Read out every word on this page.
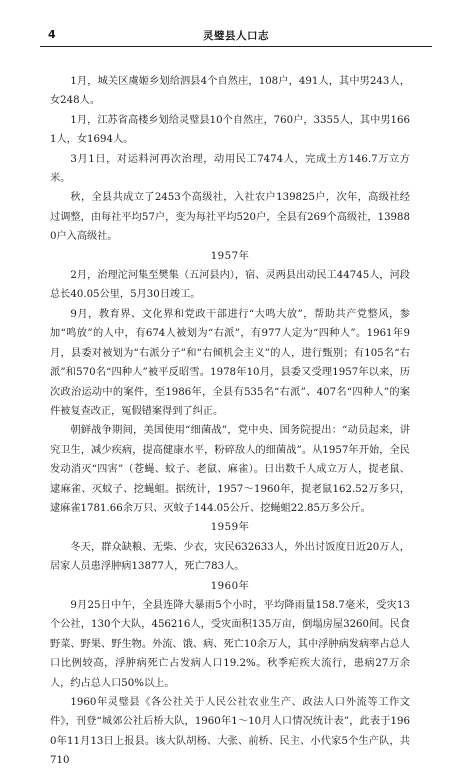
4	灵璧县人口志

1月，城关区虞姬乡划给泗县4个自然庄，108户，491人，其中男243人，女248人。

1月，江苏省高楼乡划给灵璧县10个自然庄，760户，3355人，其中男1661人，女1694人。

3月1日，对运料河再次治理，动用民工7474人，完成土方146.7万立方米。

秋，全县共成立了2453个高级社，入社农户139825户，次年，高级社经过调整，由每社平均57户，变为每社平均520户，全县有269个高级社，139880户入高级社。

1957年

2月，治理沱河集至樊集（五河县内），宿、灵两县出动民工44745人，河段总长40.05公里，5月30日竣工。

9月，教育界、文化界和党政干部进行“大鸣大放”，帮助共产党整风，参加“鸣放”的人中，有674人被划为“右派”，有977人定为“四种人”。1961年9月，县委对被划为“右派分子”和“右倾机会主义”的人，进行甄别；有105名“右派”和570名“四种人”被平反昭雪。1978年10月，县委又受理1957年以来，历次政治运动中的案件，至1986年，全县有535名“右派”、407名“四种人”的案件被复查改正，冤假错案得到了纠正。

朝鲜战争期间，美国使用“细菌战”，党中央、国务院提出：“动员起来，讲究卫生，减少疾病，提高健康水平，粉碎敌人的细菌战”。从1957年开始，全民发动消灭“四害”（苍蝇、蚊子、老鼠、麻雀）。日出数千人成立万人，捉老鼠、逮麻雀、灭蚊子、挖蝇蛆。据统计，1957～1960年，捉老鼠162.52万多只，逮麻雀1781.66余万只、灭蚊子144.05公斤、挖蝇蛆22.85万多公斤。

1959年

冬天，群众缺粮、无柴、少衣，灾民632633人，外出讨饭度日近20万人，居家人员患浮肿病13877人，死亡783人。

1960年

9月25日中午，全县连降大暴雨5个小时，平均降雨量158.7毫米，受灾13个公社，130个大队，456216人，受灾面积135万亩，倒塌房屋3260间。民食野菜、野果、野生物。外流、饿、病、死亡10余万人，其中浮肿病发病率占总人口比例较高，浮肿病死亡占发病人口19.2%。秋季疟疾大流行，患病27万余人，约占总人口50%以上。

1960年灵璧县《各公社关于人民公社农业生产、政法人口外流等工作文件》，刊登“城郊公社后桥大队，1960年1～10月人口情况统计表”，此表于1960年11月13日上报县。该大队胡杨、大张、前桥、民主、小代家5个生产队，共710
